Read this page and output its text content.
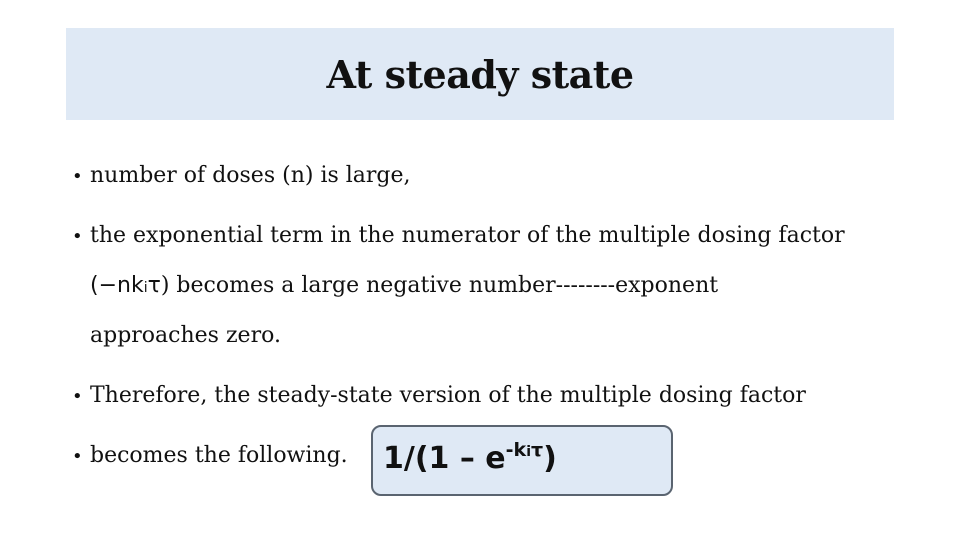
At steady state
• number of doses (n) is large,
• the exponential term in the numerator of the multiple dosing factor
(−nkiτ) becomes a large negative number--------exponent
approaches zero.
• Therefore, the steady-state version of the multiple dosing factor
• becomes the following. $1/(1 - e^{-ki\tau})$
